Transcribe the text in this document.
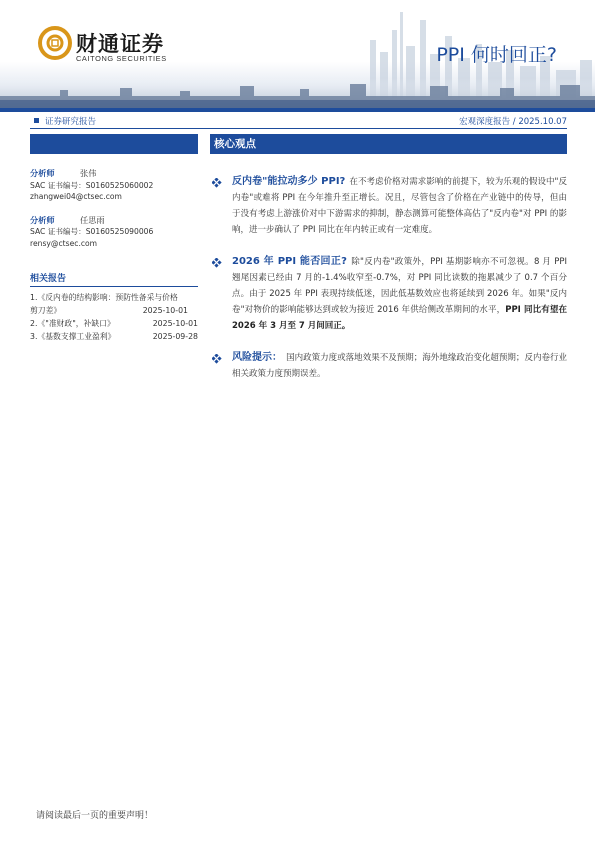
财通证券
CAITONG SECURITIES	PPI 何时回正?
证券研究报告	宏观深度报告 / 2025.10.07
分析师	张伟
SAC 证书编号：S0160525060002
zhangwei04@ctsec.com
分析师	任思雨
SAC 证书编号：S0160525090006
rensy@ctsec.com
相关报告
1.《反内卷的结构影响：预防性备采与价格
剪刀差》	2025-10-01
2.《"准财政"，补缺口》	2025-10-01
3.《基数支撑工业盈利》	2025-09-28
核心观点
反内卷"能拉动多少 PPI? 在不考虑价格对需求影响的前提下，较为乐观的假设中"反内卷"或难将 PPI 在今年推升至正增长。况且，尽管包含了价格在产业链中的传导，但由于没有考虑上游涨价对中下游需求的抑制，静态测算可能整体高估了"反内卷"对 PPI 的影响，进一步确认了 PPI 同比在年内转正或有一定难度。
2026 年 PPI 能否回正? 除"反内卷"政策外，PPI 基期影响亦不可忽视。8 月 PPI 翘尾因素已经由 7 月的-1.4%收窄至-0.7%，对 PPI 同比读数的拖累减少了 0.7 个百分点。由于 2025 年 PPI 表现持续低迷，因此低基数效应也将延续到 2026 年。如果"反内卷"对物价的影响能够达到或较为接近 2016 年供给侧改革期间的水平，PPI 同比有望在 2026 年 3 月至 7 月间回正。
风险提示： 国内政策力度或落地效果不及预期；海外地缘政治变化超预期；反内卷行业相关政策力度预期误差。
请阅读最后一页的重要声明！
